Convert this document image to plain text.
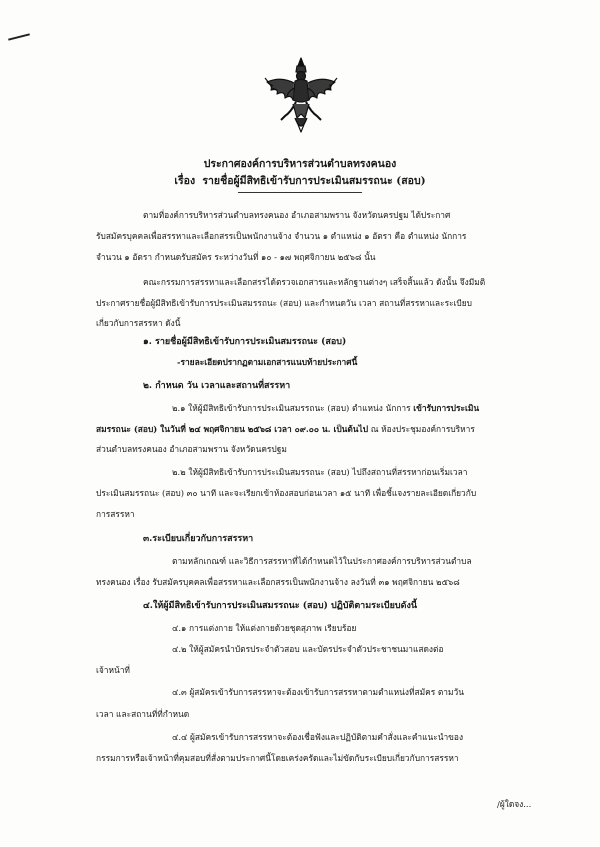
ประกาศองค์การบริหารส่วนตำบลทรงคนอง
เรื่อง รายชื่อผู้มีสิทธิเข้ารับการประเมินสมรรถนะ (สอบ)
ตามที่องค์การบริหารส่วนตำบลทรงคนอง อำเภอสามพราน จังหวัดนครปฐม ได้ประกาศ
รับสมัครบุคคลเพื่อสรรหาและเลือกสรรเป็นพนักงานจ้าง จำนวน ๑ ตำแหน่ง ๑ อัตรา คือ ตำแหน่ง นักการ
จำนวน ๑ อัตรา กำหนดรับสมัคร ระหว่างวันที่ ๑๐ - ๑๗ พฤศจิกายน ๒๕๖๘ นั้น
คณะกรรมการสรรหาและเลือกสรรได้ตรวจเอกสารและหลักฐานต่างๆ เสร็จสิ้นแล้ว ดังนั้น จึงมีมติ
ประกาศรายชื่อผู้มีสิทธิเข้ารับการประเมินสมรรถนะ (สอบ) และกำหนดวัน เวลา สถานที่สรรหาและระเบียบ
เกี่ยวกับการสรรหา ดังนี้
๑. รายชื่อผู้มีสิทธิเข้ารับการประเมินสมรรถนะ (สอบ)
-รายละเอียดปรากฏตามเอกสารแนบท้ายประกาศนี้
๒. กำหนด วัน เวลาและสถานที่สรรหา
๒.๑ ให้ผู้มีสิทธิเข้ารับการประเมินสมรรถนะ (สอบ) ตำแหน่ง นักการ เข้ารับการประเมิน
สมรรถนะ (สอบ) ในวันที่ ๒๔ พฤศจิกายน ๒๕๖๘ เวลา ๐๙.๐๐ น. เป็นต้นไป ณ ห้องประชุมองค์การบริหาร
ส่วนตำบลทรงคนอง อำเภอสามพราน จังหวัดนครปฐม
๒.๒ ให้ผู้มีสิทธิเข้ารับการประเมินสมรรถนะ (สอบ) ไปถึงสถานที่สรรหาก่อนเริ่มเวลา
ประเมินสมรรถนะ (สอบ) ๓๐ นาที และจะเรียกเข้าห้องสอบก่อนเวลา ๑๕ นาที เพื่อชี้แจงรายละเอียดเกี่ยวกับ
การสรรหา
๓.ระเบียบเกี่ยวกับการสรรหา
ตามหลักเกณฑ์ และวิธีการสรรหาที่ได้กำหนดไว้ในประกาศองค์การบริหารส่วนตำบล
ทรงคนอง เรื่อง รับสมัครบุคคลเพื่อสรรหาและเลือกสรรเป็นพนักงานจ้าง ลงวันที่ ๓๑ พฤศจิกายน ๒๕๖๘
๔.ให้ผู้มีสิทธิเข้ารับการประเมินสมรรถนะ (สอบ) ปฏิบัติตามระเบียบดังนี้
๔.๑ การแต่งกาย ให้แต่งกายด้วยชุดสุภาพ เรียบร้อย
๔.๒ ให้ผู้สมัครนำบัตรประจำตัวสอบ และบัตรประจำตัวประชาชนมาแสดงต่อ
เจ้าหน้าที่
๔.๓ ผู้สมัครเข้ารับการสรรหาจะต้องเข้ารับการสรรหาตามตำแหน่งที่สมัคร ตามวัน
เวลา และสถานที่ที่กำหนด
๔.๔ ผู้สมัครเข้ารับการสรรหาจะต้องเชื่อฟังและปฏิบัติตามคำสั่งและคำแนะนำของ
กรรมการหรือเจ้าหน้าที่คุมสอบที่สั่งตามประกาศนี้โดยเคร่งครัดและไม่ขัดกับระเบียบเกี่ยวกับการสรรหา
/ผู้ใดจง...
